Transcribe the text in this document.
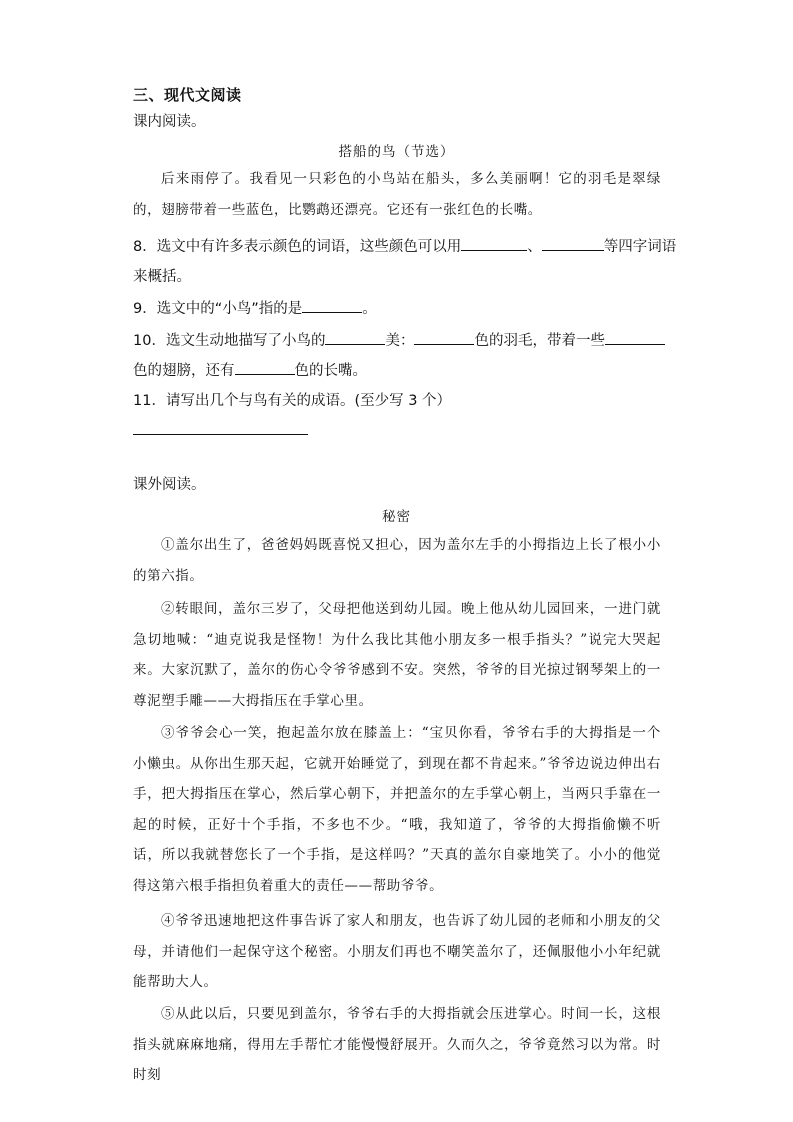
三、现代文阅读
课内阅读。
搭船的鸟（节选）

后来雨停了。我看见一只彩色的小鸟站在船头，多么美丽啊！它的羽毛是翠绿的，翅膀带着一些蓝色，比鹦鹉还漂亮。它还有一张红色的长嘴。

8．选文中有许多表示颜色的词语，这些颜色可以用	、	等四字词语
来概括。
9．选文中的“小鸟”指的是	。
10．选文生动地描写了小鸟的	美：	色的羽毛，带着一些
色的翅膀，还有	色的长嘴。
11．请写出几个与鸟有关的成语。(至少写 3 个）
课外阅读。
秘密

①盖尔出生了，爸爸妈妈既喜悦又担心，因为盖尔左手的小拇指边上长了根小小的第六指。

②转眼间，盖尔三岁了，父母把他送到幼儿园。晚上他从幼儿园回来，一进门就急切地喊：“迪克说我是怪物！为什么我比其他小朋友多一根手指头？”说完大哭起来。大家沉默了，盖尔的伤心令爷爷感到不安。突然，爷爷的目光掠过钢琴架上的一尊泥塑手雕——大拇指压在手掌心里。

③爷爷会心一笑，抱起盖尔放在膝盖上：“宝贝你看，爷爷右手的大拇指是一个小懒虫。从你出生那天起，它就开始睡觉了，到现在都不肯起来。”爷爷边说边伸出右手，把大拇指压在掌心，然后掌心朝下，并把盖尔的左手掌心朝上，当两只手靠在一起的时候，正好十个手指，不多也不少。“哦，我知道了，爷爷的大拇指偷懒不听话，所以我就替您长了一个手指，是这样吗？”天真的盖尔自豪地笑了。小小的他觉得这第六根手指担负着重大的责任——帮助爷爷。

④爷爷迅速地把这件事告诉了家人和朋友，也告诉了幼儿园的老师和小朋友的父母，并请他们一起保守这个秘密。小朋友们再也不嘲笑盖尔了，还佩服他小小年纪就能帮助大人。

⑤从此以后，只要见到盖尔，爷爷右手的大拇指就会压进掌心。时间一长，这根指头就麻麻地痛，得用左手帮忙才能慢慢舒展开。久而久之，爷爷竟然习以为常。时时刻
